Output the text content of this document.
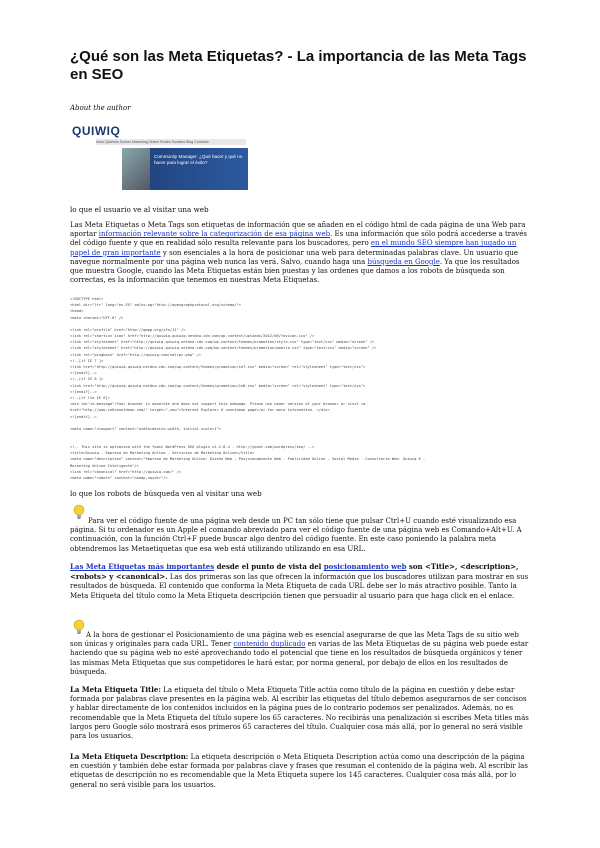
¿Qué son las Meta Etiquetas? - La importancia de las Meta Tags en SEO
About the author
QUIWIQ
Inicio Quiénes Somos Marketing Online Redes Sociales Blog Contacto
Community Manager: ¿Qué hacer y qué no hacer para lograr el éxito?
lo que el usuario ve al visitar una web

Las Meta Etiquetas o Meta Tags son etiquetas de información que se añaden en el código html de cada página de una Web para aportar información relevante sobre la categorización de esa página web. Es una información que sólo podrá accederse a través del código fuente y que en realidad sólo resulta relevante para los buscadores, pero en el mundo SEO siempre han jugado un papel de gran importante y son esenciales a la hora de posicionar una web para determinadas palabras clave. Un usuario que navegue normalmente por una página web nunca las verá. Salvo, cuando haga una búsqueda en Google. Ya que los resultados que muestra Google, cuando las Meta Etiquetas están bien puestas y las ordenes que damos a los robots de búsqueda son correctas, es la información que tenemos en nuestras Meta Etiquetas.

<!DOCTYPE html>
<html dir="ltr" lang="es-ES" xmlns:og="http://opengraphprotocol.org/schema/">
<head>
<meta charset="UTF-8" />
<link rel="profile" href="http://gmpg.org/xfn/11" />
<link rel="shortcut icon" href="http://quiwiq.quiwiq.netdna-cdn.com/wp-content/uploads/2012/06/favicon.ico" />
<link rel="stylesheet" href="http://quiwiq.quiwiq.netdna-cdn.com/wp-content/themes/promotion/style.css" type="text/css" media="screen" />
<link rel="stylesheet" href="http://quiwiq.quiwiq.netdna-cdn.com/wp-content/themes/promotion/mobile.css" type="text/css" media="screen" />
<link rel="pingback" href="http://quiwiq.com/xmlrpc.php" />
<!--[if IE 7 ]>
<link href="http://quiwiq.quiwiq.netdna-cdn.com/wp-content/themes/promotion/ie7.css" media="screen" rel="stylesheet" type="text/css">
<![endif]-->
<!--[if IE 8 ]>
<link href="http://quiwiq.quiwiq.netdna-cdn.com/wp-content/themes/promotion/ie8.css" media="screen" rel="stylesheet" type="text/css">
<![endif]-->
<!--[if lte IE 6]>
<div id="ie-message">Your browser is obsolete and does not support this webpage. Please use newer version of your browser or visit <a
href="http://www.ie6countdown.com/" target="_new">Internet Explorer 6 countdown page</a> for more information. </div>
<![endif]-->
<meta name="viewport" content="width=device-width, initial-scale=1">
<!-- This site is optimized with the Yoast WordPress SEO plugin v1.2.8.4 - http://yoast.com/wordpress/seo/ -->
<title>Quiwiq - Empresa de Marketing Online - Servicios de Marketing Online</title>
<meta name="description" content="Empresa de Marketing Online: Diseño Web - Posicionamiento Web - Publicidad Online - Social Media - Consultoría Web. Quiwiq ® -
Marketing Online Inteligente"/>
<link rel="canonical" href="http://quiwiq.com/" />
<meta name="robots" content="noodp,noydir"/>
lo que los robots de búsqueda ven al visitar una web

Para ver el código fuente de una página web desde un PC tan sólo tiene que pulsar Ctrl+U cuando esté visualizando esa página. Si tu ordenador es un Apple el comando abreviado para ver el código fuente de una página web es Comando+Alt+U. A continuación, con la función Ctrl+F puede buscar algo dentro del código fuente. En este caso poniendo la palabra meta obtendremos las Metaetiquetas que esa web está utilizando utilizando en esa URL.

Las Meta Etiquetas más importantes desde el punto de vista del posicionamiento web son <Title>, <description>, <robots> y <canonical>. Las dos primeras son las que ofrecen la información que los buscadores utilizan para mostrar en sus resultados de búsqueda. El contenido que conforma la Meta Etiqueta de cada URL debe ser lo más atractivo posible. Tanto la Meta Etiqueta del título como la Meta Etiqueta descripción tienen que persuadir al usuario para que haga click en el enlace.

A la hora de gestionar el Posicionamiento de una página web es esencial asegurarse de que las Meta Tags de su sitio web son únicas y originales para cada URL. Tener contenido duplicado en varias de las Meta Etiquetas de su página web puede estar haciendo que su página web no esté aprovechando todo el potencial que tiene en los resultados de búsqueda orgánicos y tener las mismas Meta Etiquetas que sus competidores le hará estar, por norma general, por debajo de ellos en los resultados de búsqueda.

La Meta Etiqueta Title: La etiqueta del título o Meta Etiqueta Title actúa como título de la página en cuestión y debe estar formada por palabras clave presentes en la página web. Al escribir las etiquetas del título debemos asegurarnos de ser concisos y hablar directamente de los contenidos incluidos en la página pues de lo contrario podemos ser penalizados. Además, no es recomendable que la Meta Etiqueta del título supere los 65 caracteres. No recibirás una penalización si escribes Meta titles más largos pero Google sólo mostrará esos primeros 65 caracteres del título. Cualquier cosa más allá, por lo general no será visible para los usuarios.

La Meta Etiqueta Description: La etiqueta descripción o Meta Etiqueta Description actúa como una descripción de la página en cuestión y también debe estar formada por palabras clave y frases que resuman el contenido de la página web. Al escribir las etiquetas de descripción no es recomendable que la Meta Etiqueta supere los 145 caracteres. Cualquier cosa más allá, por lo general no será visible para los usuarios.
